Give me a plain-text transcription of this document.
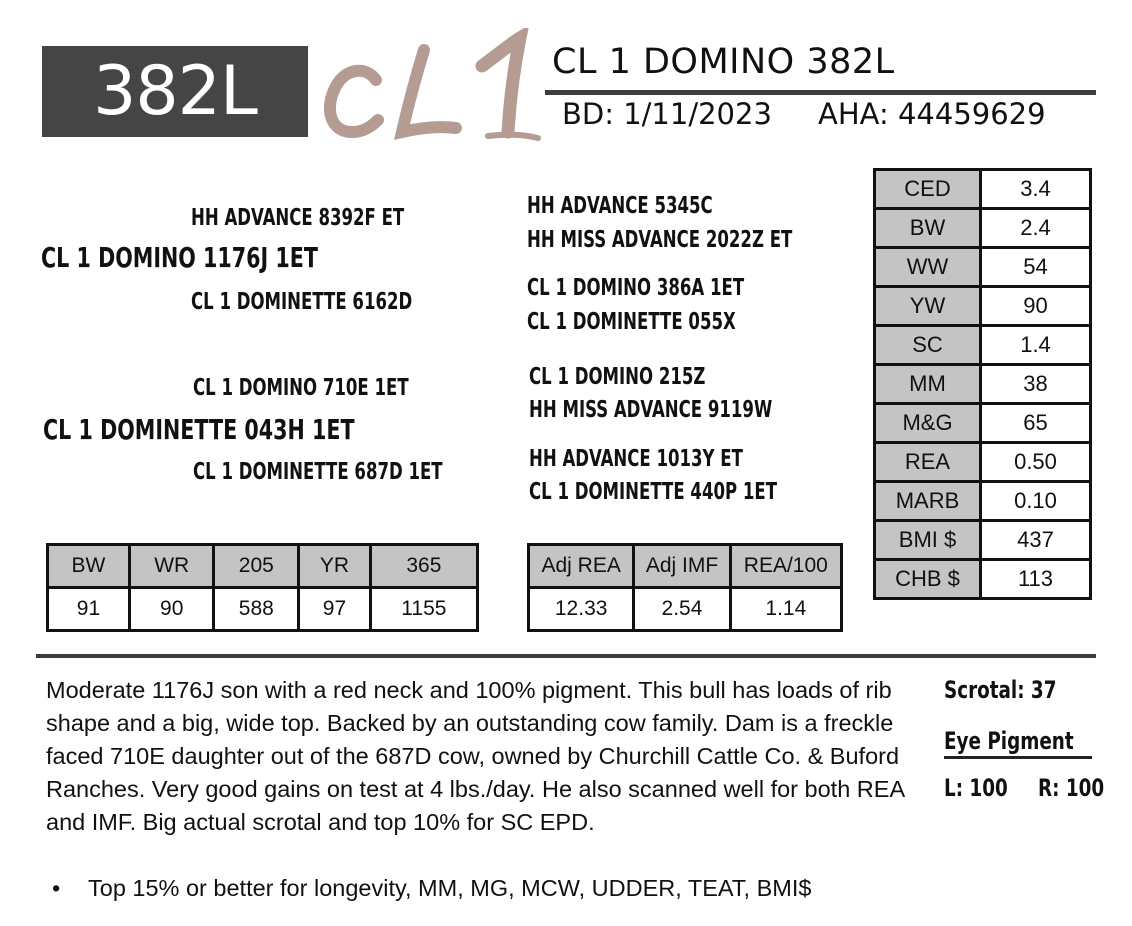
382L	CL 1 DOMINO 382L
BD: 1/11/2023 AHA: 44459629
HH ADVANCE 8392F ET
CL 1 DOMINO 1176J 1ET
CL 1 DOMINETTE 6162D
CL 1 DOMINO 710E 1ET
CL 1 DOMINETTE 043H 1ET
CL 1 DOMINETTE 687D 1ET
HH ADVANCE 5345C
HH MISS ADVANCE 2022Z ET
CL 1 DOMINO 386A 1ET
CL 1 DOMINETTE 055X
CL 1 DOMINO 215Z
HH MISS ADVANCE 9119W
HH ADVANCE 1013Y ET
CL 1 DOMINETTE 440P 1ET
BW	WR	205	YR	365
91	90	588	97	1155
Adj REA	Adj IMF	REA/100
12.33	2.54	1.14
CED	3.4
BW	2.4
WW	54
YW	90
SC	1.4
MM	38
M&G	65
REA	0.50
MARB	0.10
BMI $	437
CHB $	113
Moderate 1176J son with a red neck and 100% pigment. This bull has loads of rib shape and a big, wide top. Backed by an outstanding cow family. Dam is a freckle faced 710E daughter out of the 687D cow, owned by Churchill Cattle Co. & Buford Ranches. Very good gains on test at 4 lbs./day. He also scanned well for both REA and IMF. Big actual scrotal and top 10% for SC EPD.
• Top 15% or better for longevity, MM, MG, MCW, UDDER, TEAT, BMI$
Scrotal: 37
Eye Pigment
L: 100 R: 100
